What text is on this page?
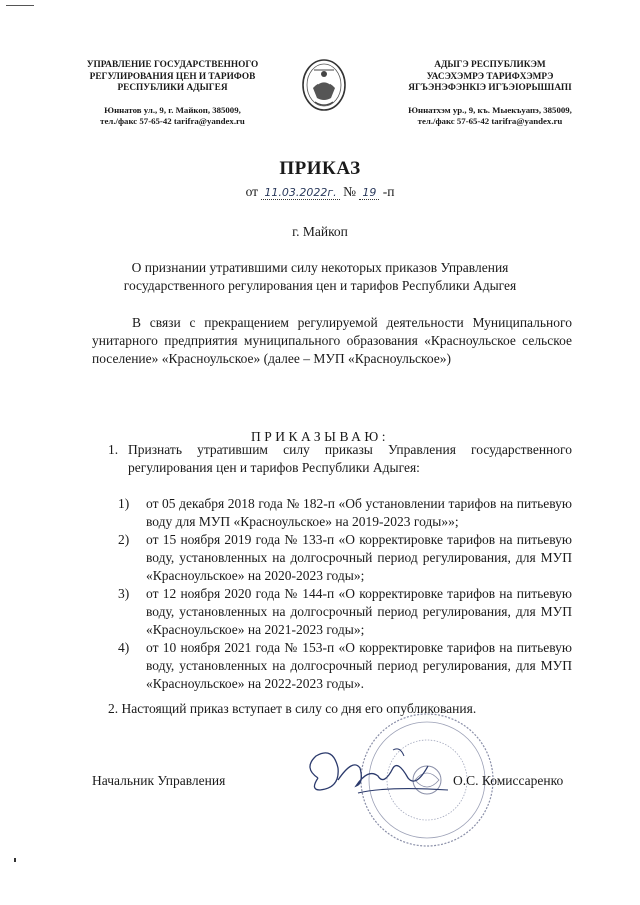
УПРАВЛЕНИЕ ГОСУДАРСТВЕННОГО
РЕГУЛИРОВАНИЯ ЦЕН И ТАРИФОВ
РЕСПУБЛИКИ АДЫГЕЯ
Юннатов ул., 9, г. Майкоп, 385009,
тел./факс 57-65-42 tarifra@yandex.ru
АДЫГЭ РЕСПУБЛИКЭМ
УАСЭХЭМРЭ ТАРИФХЭМРЭ
ЯГЪЭНЭФЭНКIЭ ИГЪЭIОРЫШIАПI
Юннатхэм ур., 9, къ. Мыекъуапэ, 385009,
тел./факс 57-65-42 tarifra@yandex.ru
ПРИКАЗ
от 11.03.2022г. № 19 -п
г. Майкоп
О признании утратившими силу некоторых приказов Управления государственного регулирования цен и тарифов Республики Адыгея
В связи с прекращением регулируемой деятельности Муниципального унитарного предприятия муниципального образования «Красноульское сельское поселение» «Красноульское» (далее – МУП «Красноульское»)
ПРИКАЗЫВАЮ:
1. Признать утратившим силу приказы Управления государственного регулирования цен и тарифов Республики Адыгея:
1) от 05 декабря 2018 года № 182-п «Об установлении тарифов на питьевую воду для МУП «Красноульское» на 2019-2023 годы»»;
2) от 15 ноября 2019 года № 133-п «О корректировке тарифов на питьевую воду, установленных на долгосрочный период регулирования, для МУП «Красноульское» на 2020-2023 годы»;
3) от 12 ноября 2020 года № 144-п «О корректировке тарифов на питьевую воду, установленных на долгосрочный период регулирования, для МУП «Красноульское» на 2021-2023 годы»;
4) от 10 ноября 2021 года № 153-п «О корректировке тарифов на питьевую воду, установленных на долгосрочный период регулирования, для МУП «Красноульское» на 2022-2023 годы».
2. Настоящий приказ вступает в силу со дня его опубликования.
Начальник Управления	О.С. Комиссаренко
